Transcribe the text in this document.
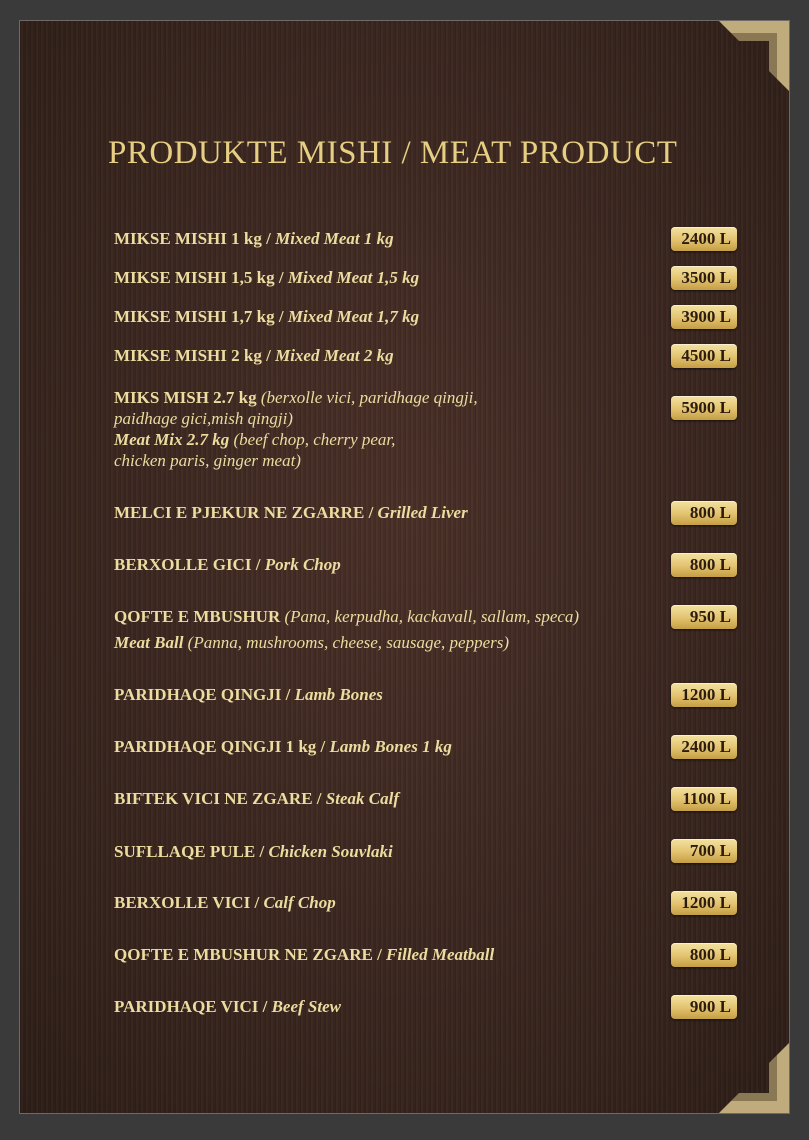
PRODUKTE MISHI / MEAT PRODUCT
MIKSE MISHI 1 kg / Mixed Meat 1 kg	2400 L
MIKSE MISHI 1,5 kg / Mixed Meat 1,5 kg	3500 L
MIKSE MISHI 1,7 kg / Mixed Meat 1,7 kg	3900 L
MIKSE MISHI 2 kg / Mixed Meat 2 kg	4500 L
MIKS MISH 2.7 kg (berxolle vici, paridhage qingji,
paidhage gici,mish qingji)
Meat Mix 2.7 kg (beef chop, cherry pear,
chicken paris, ginger meat)
5900 L
MELCI E PJEKUR NE ZGARRE / Grilled Liver	800 L
BERXOLLE GICI / Pork Chop	800 L
QOFTE E MBUSHUR (Pana, kerpudha, kackavall, sallam, speca)
Meat Ball (Panna, mushrooms, cheese, sausage, peppers)
950 L
PARIDHAQE QINGJI / Lamb Bones	1200 L
PARIDHAQE QINGJI 1 kg / Lamb Bones 1 kg	2400 L
BIFTEK VICI NE ZGARE / Steak Calf	1100 L
SUFLLAQE PULE / Chicken Souvlaki	700 L
BERXOLLE VICI / Calf Chop	1200 L
QOFTE E MBUSHUR NE ZGARE / Filled Meatball	800 L
PARIDHAQE VICI / Beef Stew	900 L
